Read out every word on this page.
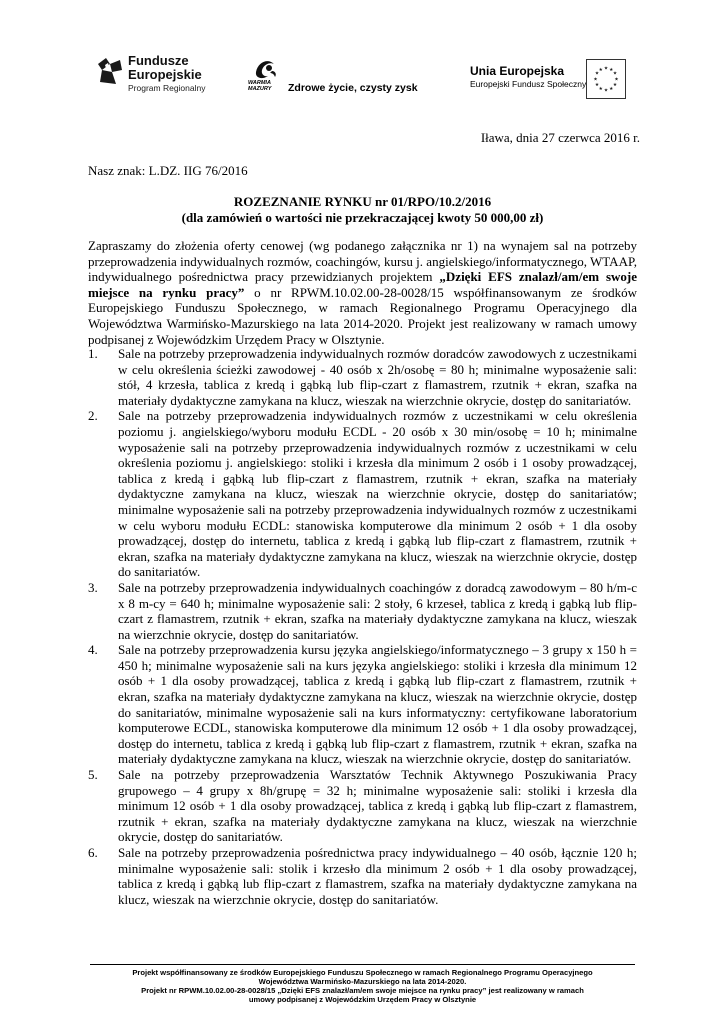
Fundusze
Europejskie
Program Regionalny	WARMIA
MAZURY	Zdrowe życie, czysty zysk
Unia Europejska
Europejski Fundusz Społeczny
★ ★
★
★
★
★
★
★
★
★
★
★
Iława, dnia 27 czerwca 2016 r.
Nasz znak: L.DZ. IIG 76/2016
ROZEZNANIE RYNKU nr 01/RPO/10.2/2016
(dla zamówień o wartości nie przekraczającej kwoty 50 000,00 zł)
Zapraszamy do złożenia oferty cenowej (wg podanego załącznika nr 1) na wynajem sal na potrzeby przeprowadzenia indywidualnych rozmów, coachingów, kursu j. angielskiego/informatycznego, WTAAP, indywidualnego pośrednictwa pracy przewidzianych projektem „Dzięki EFS znalazł/am/em swoje miejsce na rynku pracy” o nr RPWM.10.02.00-28-0028/15 współfinansowanym ze środków Europejskiego Funduszu Społecznego, w ramach Regionalnego Programu Operacyjnego dla Województwa Warmińsko-Mazurskiego na lata 2014-2020. Projekt jest realizowany w ramach umowy podpisanej z Wojewódzkim Urzędem Pracy w Olsztynie.
1.	Sale na potrzeby przeprowadzenia indywidualnych rozmów doradców zawodowych z uczestnikami w celu określenia ścieżki zawodowej - 40 osób x 2h/osobę = 80 h; minimalne wyposażenie sali: stół, 4 krzesła, tablica z kredą i gąbką lub flip-czart z flamastrem, rzutnik + ekran, szafka na materiały dydaktyczne zamykana na klucz, wieszak na wierzchnie okrycie, dostęp do sanitariatów.
2.	Sale na potrzeby przeprowadzenia indywidualnych rozmów z uczestnikami w celu określenia poziomu j. angielskiego/wyboru modułu ECDL - 20 osób x 30 min/osobę = 10 h; minimalne wyposażenie sali na potrzeby przeprowadzenia indywidualnych rozmów z uczestnikami w celu określenia poziomu j. angielskiego: stoliki i krzesła dla minimum 2 osób i 1 osoby prowadzącej, tablica z kredą i gąbką lub flip-czart z flamastrem, rzutnik + ekran, szafka na materiały dydaktyczne zamykana na klucz, wieszak na wierzchnie okrycie, dostęp do sanitariatów; minimalne wyposażenie sali na potrzeby przeprowadzenia indywidualnych rozmów z uczestnikami w celu wyboru modułu ECDL: stanowiska komputerowe dla minimum 2 osób + 1 dla osoby prowadzącej, dostęp do internetu, tablica z kredą i gąbką lub flip-czart z flamastrem, rzutnik + ekran, szafka na materiały dydaktyczne zamykana na klucz, wieszak na wierzchnie okrycie, dostęp do sanitariatów.
3.	Sale na potrzeby przeprowadzenia indywidualnych coachingów z doradcą zawodowym – 80 h/m-c x 8 m-cy = 640 h; minimalne wyposażenie sali: 2 stoły, 6 krzeseł, tablica z kredą i gąbką lub flip-czart z flamastrem, rzutnik + ekran, szafka na materiały dydaktyczne zamykana na klucz, wieszak na wierzchnie okrycie, dostęp do sanitariatów.
4.	Sale na potrzeby przeprowadzenia kursu języka angielskiego/informatycznego – 3 grupy x 150 h = 450 h; minimalne wyposażenie sali na kurs języka angielskiego: stoliki i krzesła dla minimum 12 osób + 1 dla osoby prowadzącej, tablica z kredą i gąbką lub flip-czart z flamastrem, rzutnik + ekran, szafka na materiały dydaktyczne zamykana na klucz, wieszak na wierzchnie okrycie, dostęp do sanitariatów, minimalne wyposażenie sali na kurs informatyczny: certyfikowane laboratorium komputerowe ECDL, stanowiska komputerowe dla minimum 12 osób + 1 dla osoby prowadzącej, dostęp do internetu, tablica z kredą i gąbką lub flip-czart z flamastrem, rzutnik + ekran, szafka na materiały dydaktyczne zamykana na klucz, wieszak na wierzchnie okrycie, dostęp do sanitariatów.
5.	Sale na potrzeby przeprowadzenia Warsztatów Technik Aktywnego Poszukiwania Pracy grupowego – 4 grupy x 8h/grupę = 32 h; minimalne wyposażenie sali: stoliki i krzesła dla minimum 12 osób + 1 dla osoby prowadzącej, tablica z kredą i gąbką lub flip-czart z flamastrem, rzutnik + ekran, szafka na materiały dydaktyczne zamykana na klucz, wieszak na wierzchnie okrycie, dostęp do sanitariatów.
6.	Sale na potrzeby przeprowadzenia pośrednictwa pracy indywidualnego – 40 osób, łącznie 120 h; minimalne wyposażenie sali: stolik i krzesło dla minimum 2 osób + 1 dla osoby prowadzącej, tablica z kredą i gąbką lub flip-czart z flamastrem, szafka na materiały dydaktyczne zamykana na klucz, wieszak na wierzchnie okrycie, dostęp do sanitariatów.
Projekt współfinansowany ze środków Europejskiego Funduszu Społecznego w ramach Regionalnego Programu Operacyjnego
Województwa Warmińsko-Mazurskiego na lata 2014-2020.
Projekt nr RPWM.10.02.00-28-0028/15 „Dzięki EFS znalazł/am/em swoje miejsce na rynku pracy” jest realizowany w ramach
umowy podpisanej z Wojewódzkim Urzędem Pracy w Olsztynie
